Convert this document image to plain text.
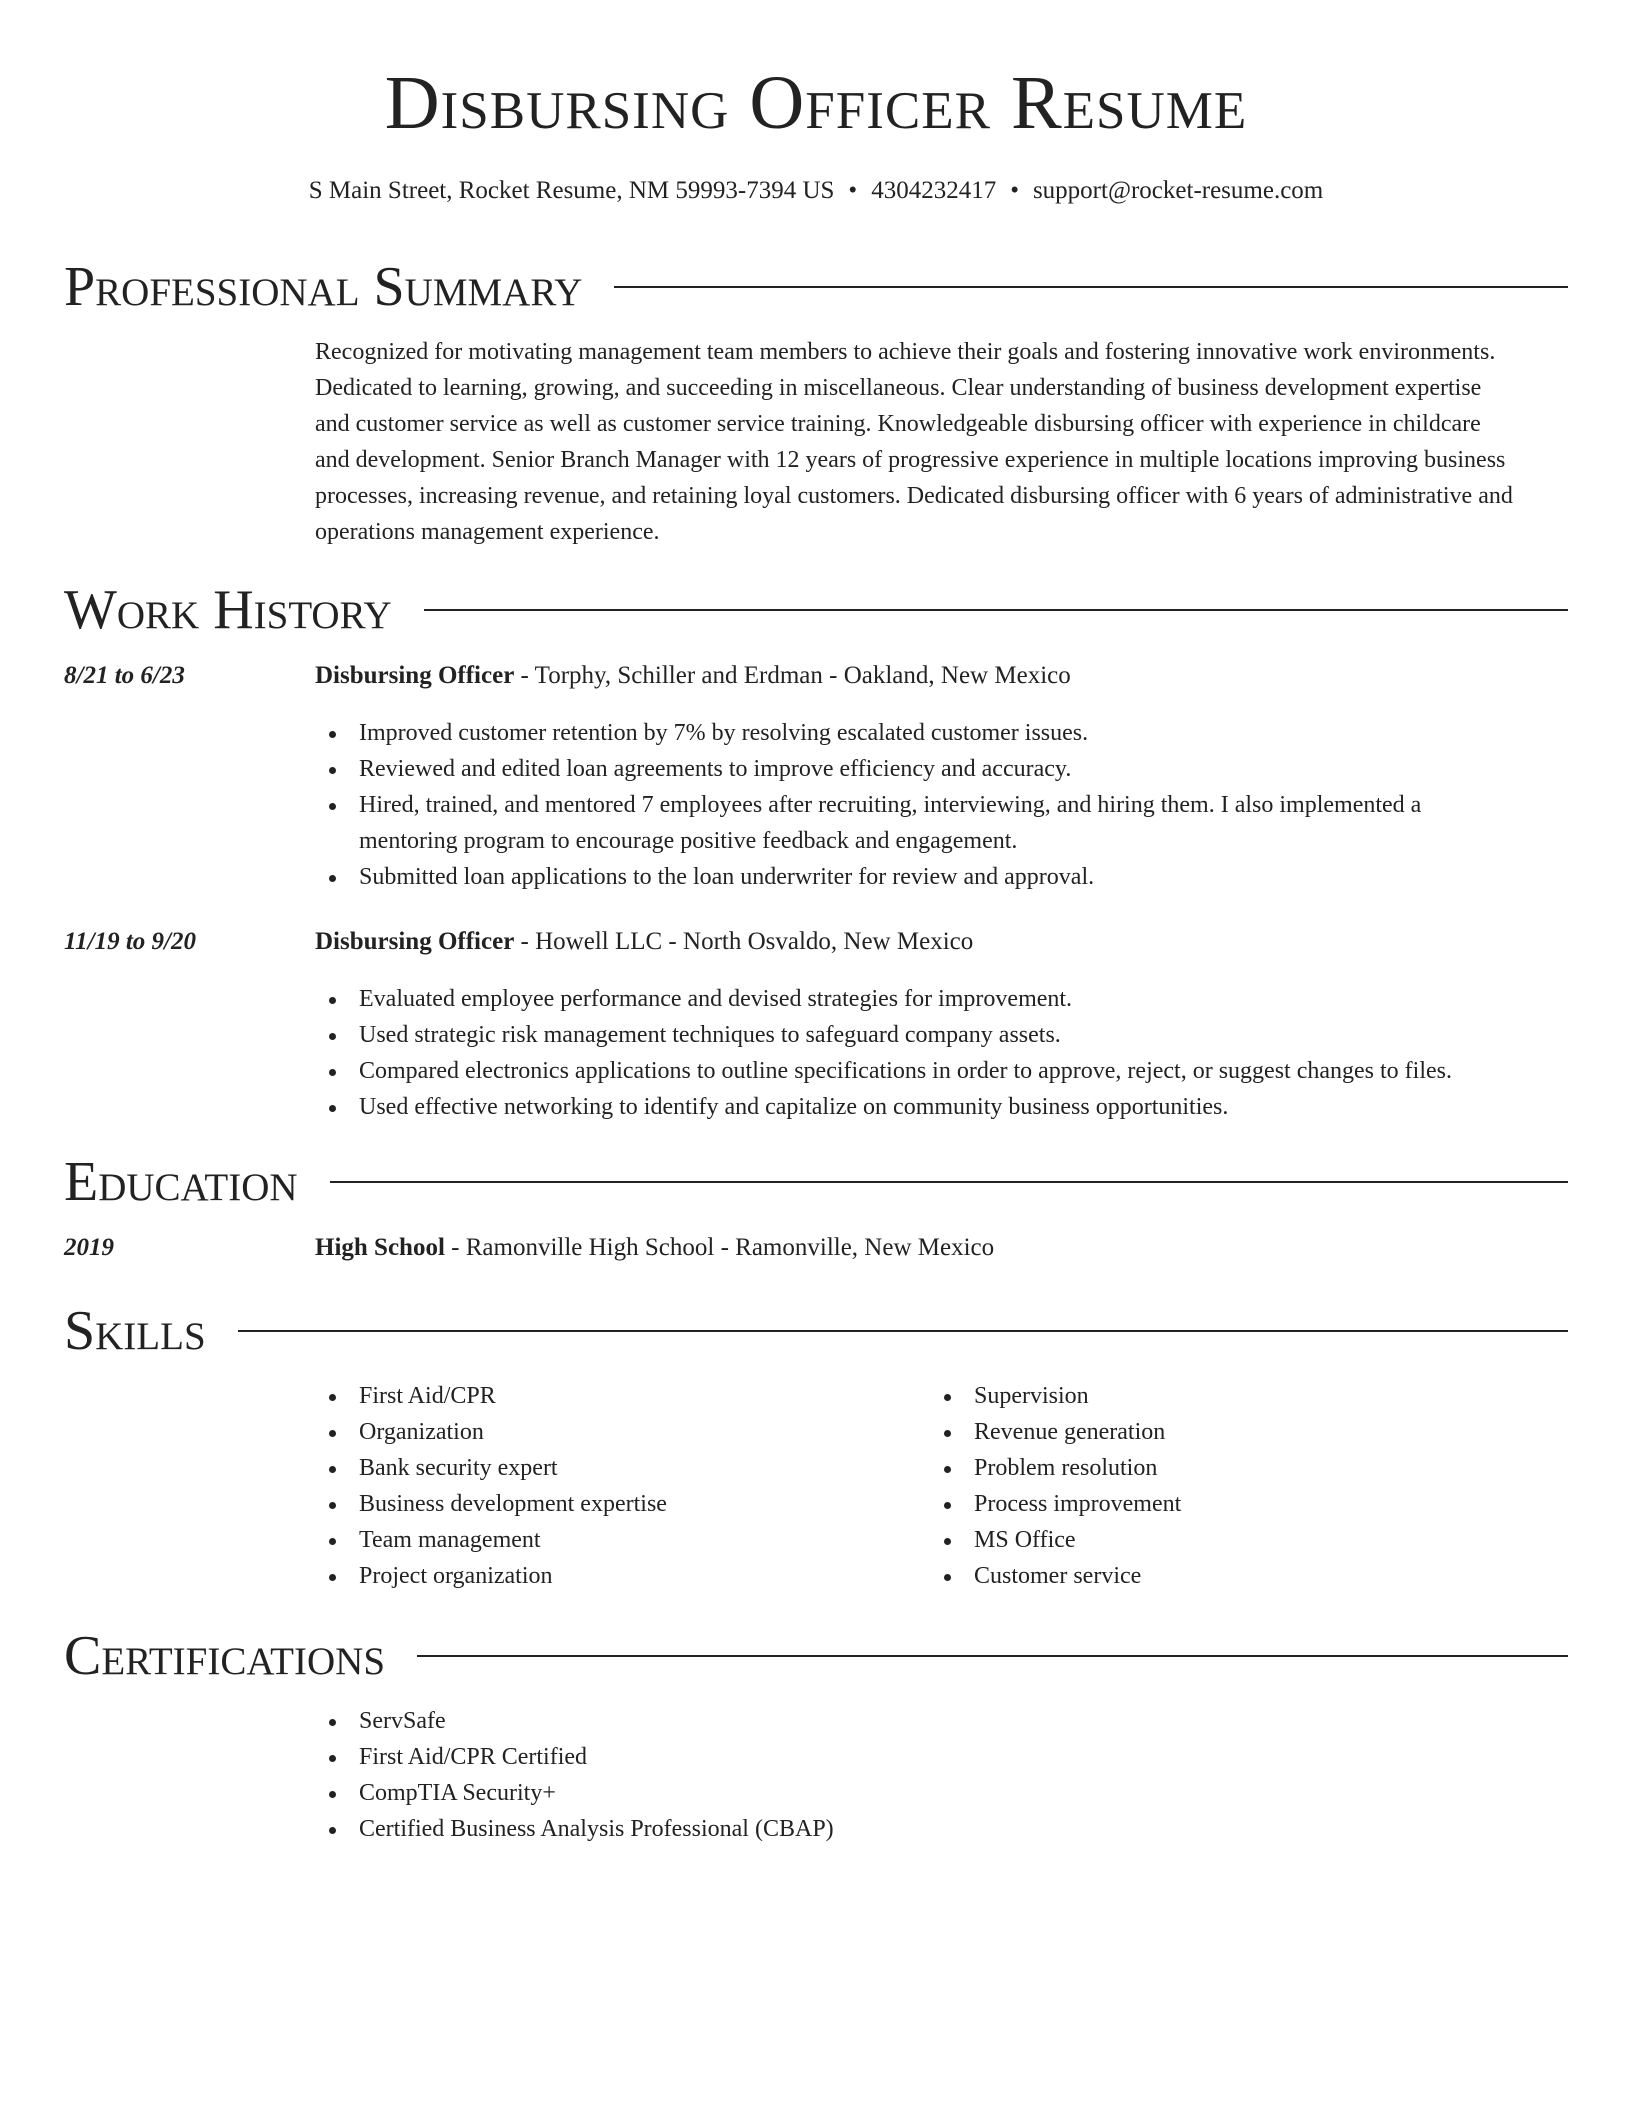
Disbursing Officer Resume
S Main Street, Rocket Resume, NM 59993-7394 US • 4304232417 • support@rocket-resume.com
Professional Summary
Recognized for motivating management team members to achieve their goals and fostering innovative work environments.
Dedicated to learning, growing, and succeeding in miscellaneous. Clear understanding of business development expertise
and customer service as well as customer service training. Knowledgeable disbursing officer with experience in childcare
and development. Senior Branch Manager with 12 years of progressive experience in multiple locations improving business
processes, increasing revenue, and retaining loyal customers. Dedicated disbursing officer with 6 years of administrative and
operations management experience.
Work History
8/21 to 6/23	Disbursing Officer - Torphy, Schiller and Erdman - Oakland, New Mexico
Improved customer retention by 7% by resolving escalated customer issues.
Reviewed and edited loan agreements to improve efficiency and accuracy.
Hired, trained, and mentored 7 employees after recruiting, interviewing, and hiring them. I also implemented a
mentoring program to encourage positive feedback and engagement.
Submitted loan applications to the loan underwriter for review and approval.
11/19 to 9/20	Disbursing Officer - Howell LLC - North Osvaldo, New Mexico
Evaluated employee performance and devised strategies for improvement.
Used strategic risk management techniques to safeguard company assets.
Compared electronics applications to outline specifications in order to approve, reject, or suggest changes to files.
Used effective networking to identify and capitalize on community business opportunities.
Education
2019	High School - Ramonville High School - Ramonville, New Mexico
Skills
First Aid/CPR
Organization
Bank security expert
Business development expertise
Team management
Project organization
Supervision
Revenue generation
Problem resolution
Process improvement
MS Office
Customer service
Certifications
ServSafe
First Aid/CPR Certified
CompTIA Security+
Certified Business Analysis Professional (CBAP)
